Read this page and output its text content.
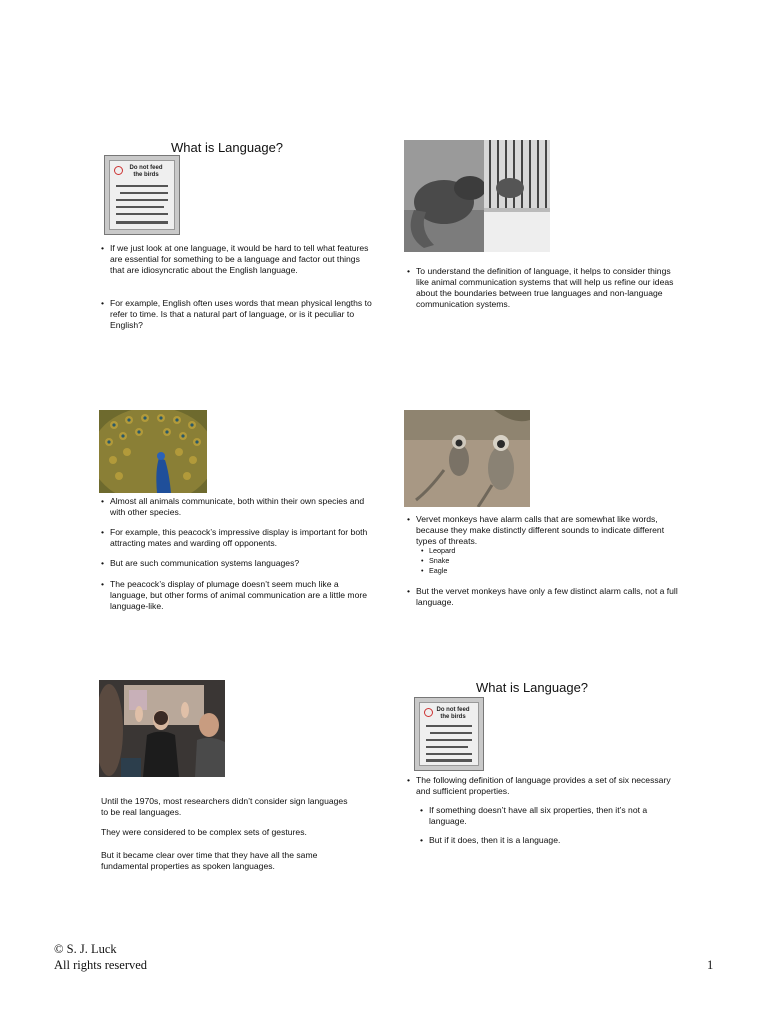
What is Language?
Do not feed
the birds
• If we just look at one language, it would be hard to tell what features are essential for something to be a language and factor out things that are idiosyncratic about the English language.
• For example, English often uses words that mean physical lengths to refer to time. Is that a natural part of language, or is it peculiar to English?
• To understand the definition of language, it helps to consider things like animal communication systems that will help us refine our ideas about the boundaries between true languages and non-language communication systems.
• Almost all animals communicate, both within their own species and with other species.
• For example, this peacock’s impressive display is important for both attracting mates and warding off opponents.
• But are such communication systems languages?
• The peacock’s display of plumage doesn’t seem much like a language, but other forms of animal communication are a little more language-like.
• Vervet monkeys have alarm calls that are somewhat like words, because they make distinctly different sounds to indicate different types of threats.
• Leopard
• Snake
• Eagle
• But the vervet monkeys have only a few distinct alarm calls, not a full language.
Until the 1970s, most researchers didn’t consider sign languages to be real languages.
They were considered to be complex sets of gestures.
But it became clear over time that they have all the same fundamental properties as spoken languages.
What is Language?
Do not feed
the birds
• The following definition of language provides a set of six necessary and sufficient properties.
• If something doesn’t have all six properties, then it’s not a language.
• But if it does, then it is a language.
© S. J. Luck
All rights reserved	1
